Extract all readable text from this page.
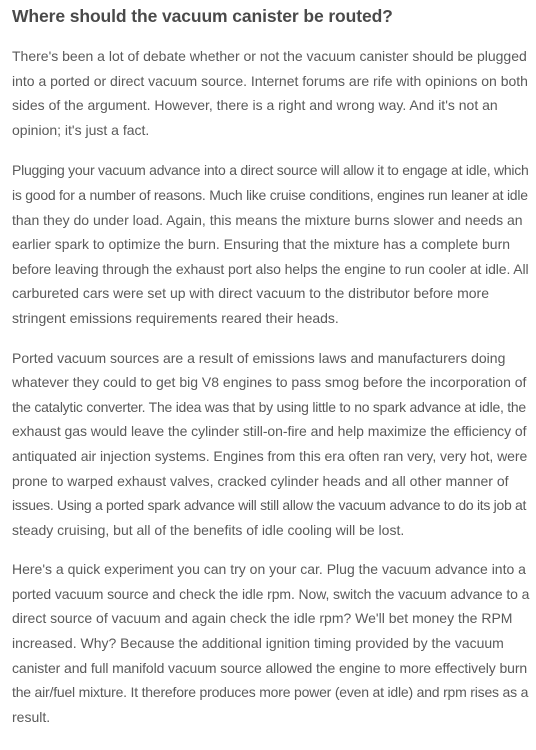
Where should the vacuum canister be routed?

There's been a lot of debate whether or not the vacuum canister should be plugged
into a ported or direct vacuum source. Internet forums are rife with opinions on both
sides of the argument. However, there is a right and wrong way. And it's not an
opinion; it's just a fact.

Plugging your vacuum advance into a direct source will allow it to engage at idle, which
is good for a number of reasons. Much like cruise conditions, engines run leaner at idle
than they do under load. Again, this means the mixture burns slower and needs an
earlier spark to optimize the burn. Ensuring that the mixture has a complete burn
before leaving through the exhaust port also helps the engine to run cooler at idle. All
carbureted cars were set up with direct vacuum to the distributor before more
stringent emissions requirements reared their heads.

Ported vacuum sources are a result of emissions laws and manufacturers doing
whatever they could to get big V8 engines to pass smog before the incorporation of
the catalytic converter. The idea was that by using little to no spark advance at idle, the
exhaust gas would leave the cylinder still-on-fire and help maximize the efficiency of
antiquated air injection systems. Engines from this era often ran very, very hot, were
prone to warped exhaust valves, cracked cylinder heads and all other manner of
issues. Using a ported spark advance will still allow the vacuum advance to do its job at
steady cruising, but all of the benefits of idle cooling will be lost.

Here's a quick experiment you can try on your car. Plug the vacuum advance into a
ported vacuum source and check the idle rpm. Now, switch the vacuum advance to a
direct source of vacuum and again check the idle rpm? We'll bet money the RPM
increased. Why? Because the additional ignition timing provided by the vacuum
canister and full manifold vacuum source allowed the engine to more effectively burn
the air/fuel mixture. It therefore produces more power (even at idle) and rpm rises as a
result.
